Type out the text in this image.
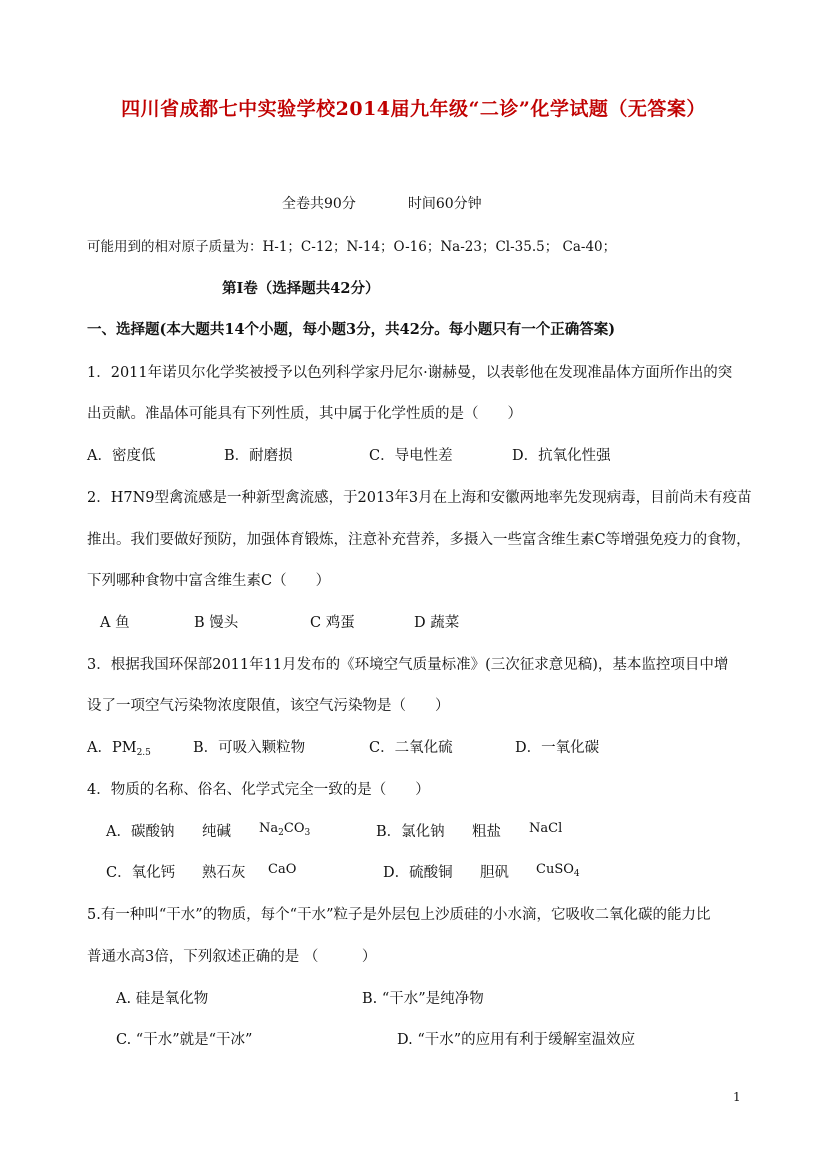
四川省成都七中实验学校2014届九年级“二诊”化学试题（无答案）
全卷共90分	时间60分钟
可能用到的相对原子质量为：H-1；C-12；N-14；O-16；Na-23；Cl-35.5； Ca-40；
第Ⅰ卷（选择题共42分）
一、选择题(本大题共14个小题，每小题3分，共42分。每小题只有一个正确答案)
1．2011年诺贝尔化学奖被授予以色列科学家丹尼尔·谢赫曼，以表彰他在发现准晶体方面所作出的突
出贡献。准晶体可能具有下列性质，其中属于化学性质的是（　　）
A．密度低	B．耐磨损	C．导电性差	D．抗氧化性强
2．H7N9型禽流感是一种新型禽流感，于2013年3月在上海和安徽两地率先发现病毒，目前尚未有疫苗
推出。我们要做好预防，加强体育锻炼，注意补充营养，多摄入一些富含维生素C等增强免疫力的食物，
下列哪种食物中富含维生素C（　　）
A 鱼	B 馒头	C 鸡蛋	D 蔬菜
3．根据我国环保部2011年11月发布的《环境空气质量标准》(三次征求意见稿)，基本监控项目中增
设了一项空气污染物浓度限值，该空气污染物是（　　）
A．$PM_{2.5}$	B．可吸入颗粒物	C．二氧化硫	D．一氧化碳
4．物质的名称、俗名、化学式完全一致的是（　　）
A．碳酸钠 纯碱 $Na_2CO_3$	B．氯化钠 粗盐 NaCl
C．氧化钙 熟石灰 CaO	D．硫酸铜 胆矾 CuSO$_4$
5.有一种叫“干水”的物质，每个“干水”粒子是外层包上沙质硅的小水滴，它吸收二氧化碳的能力比
普通水高3倍，下列叙述正确的是 （　　　）
A. 硅是氧化物	B. “干水”是纯净物
C. “干水”就是“干冰”	D. “干水”的应用有利于缓解室温效应
1
